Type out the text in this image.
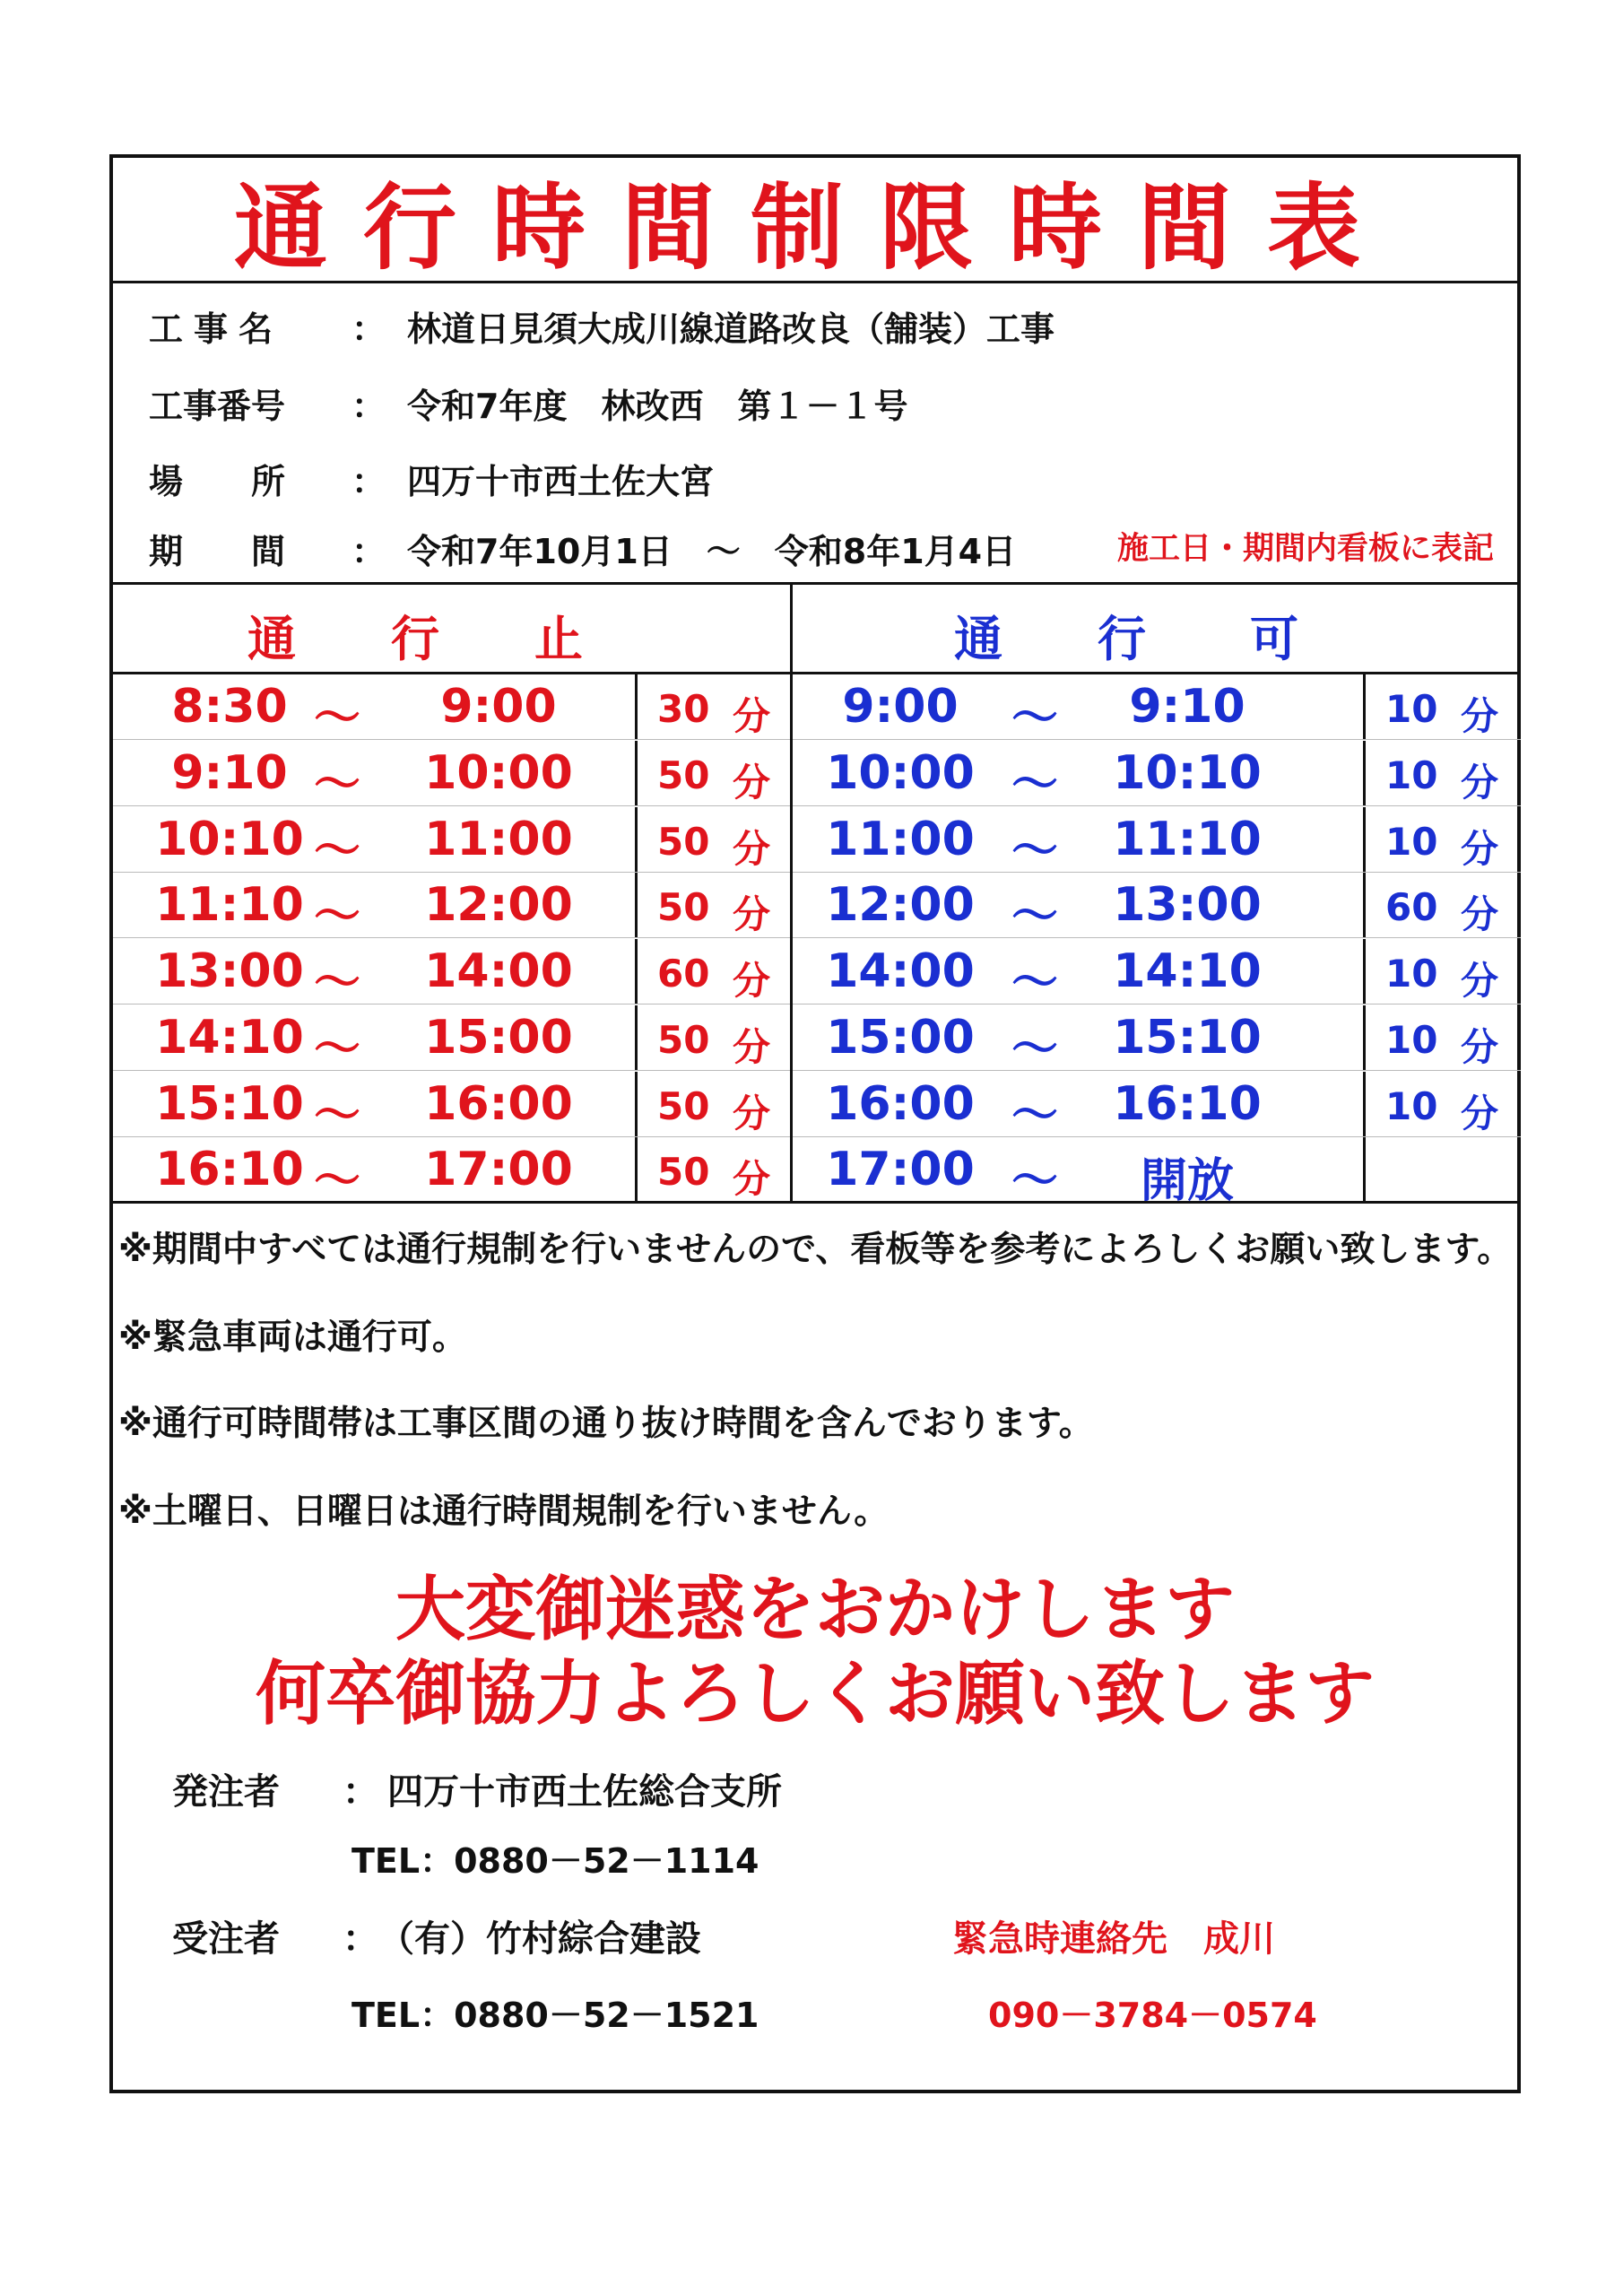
通行時間制限時間表
工事名 ： 林道日見須大成川線道路改良（舗装）工事
工事番号 ： 令和7年度　林改西　第１－１号
場　　所 ： 四万十市西土佐大宮
期　　間 ： 令和7年10月1日　～　令和8年1月4日	施工日・期間内看板に表記
通 行 止
8:30 ～	9:00	30 分
9:10 ～	10:00	50 分
10:10 ～	11:00	50 分
11:10 ～	12:00	50 分
13:00 ～	14:00	60 分
14:10 ～	15:00	50 分
15:10 ～	16:00	50 分
16:10 ～	17:00	50 分
通 行 可
9:00	～	9:10	10 分
10:00 ～	10:10	10 分
11:00 ～	11:10	10 分
12:00 ～	13:00	60 分
14:00 ～	14:10	10 分
15:00 ～	15:10	10 分
16:00 ～	16:10	10 分
17:00 ～	開放
※期間中すべては通行規制を行いませんので、看板等を参考によろしくお願い致します。
※緊急車両は通行可。
※通行可時間帯は工事区間の通り抜け時間を含んでおります。
※土曜日、日曜日は通行時間規制を行いません。
大変御迷惑をおかけします
何卒御協力よろしくお願い致します
発注者 ： 四万十市西土佐総合支所
TEL：0880－52－1114
受注者 ： （有）竹村綜合建設
TEL：0880－52－1521
緊急時連絡先　成川
090－3784－0574
